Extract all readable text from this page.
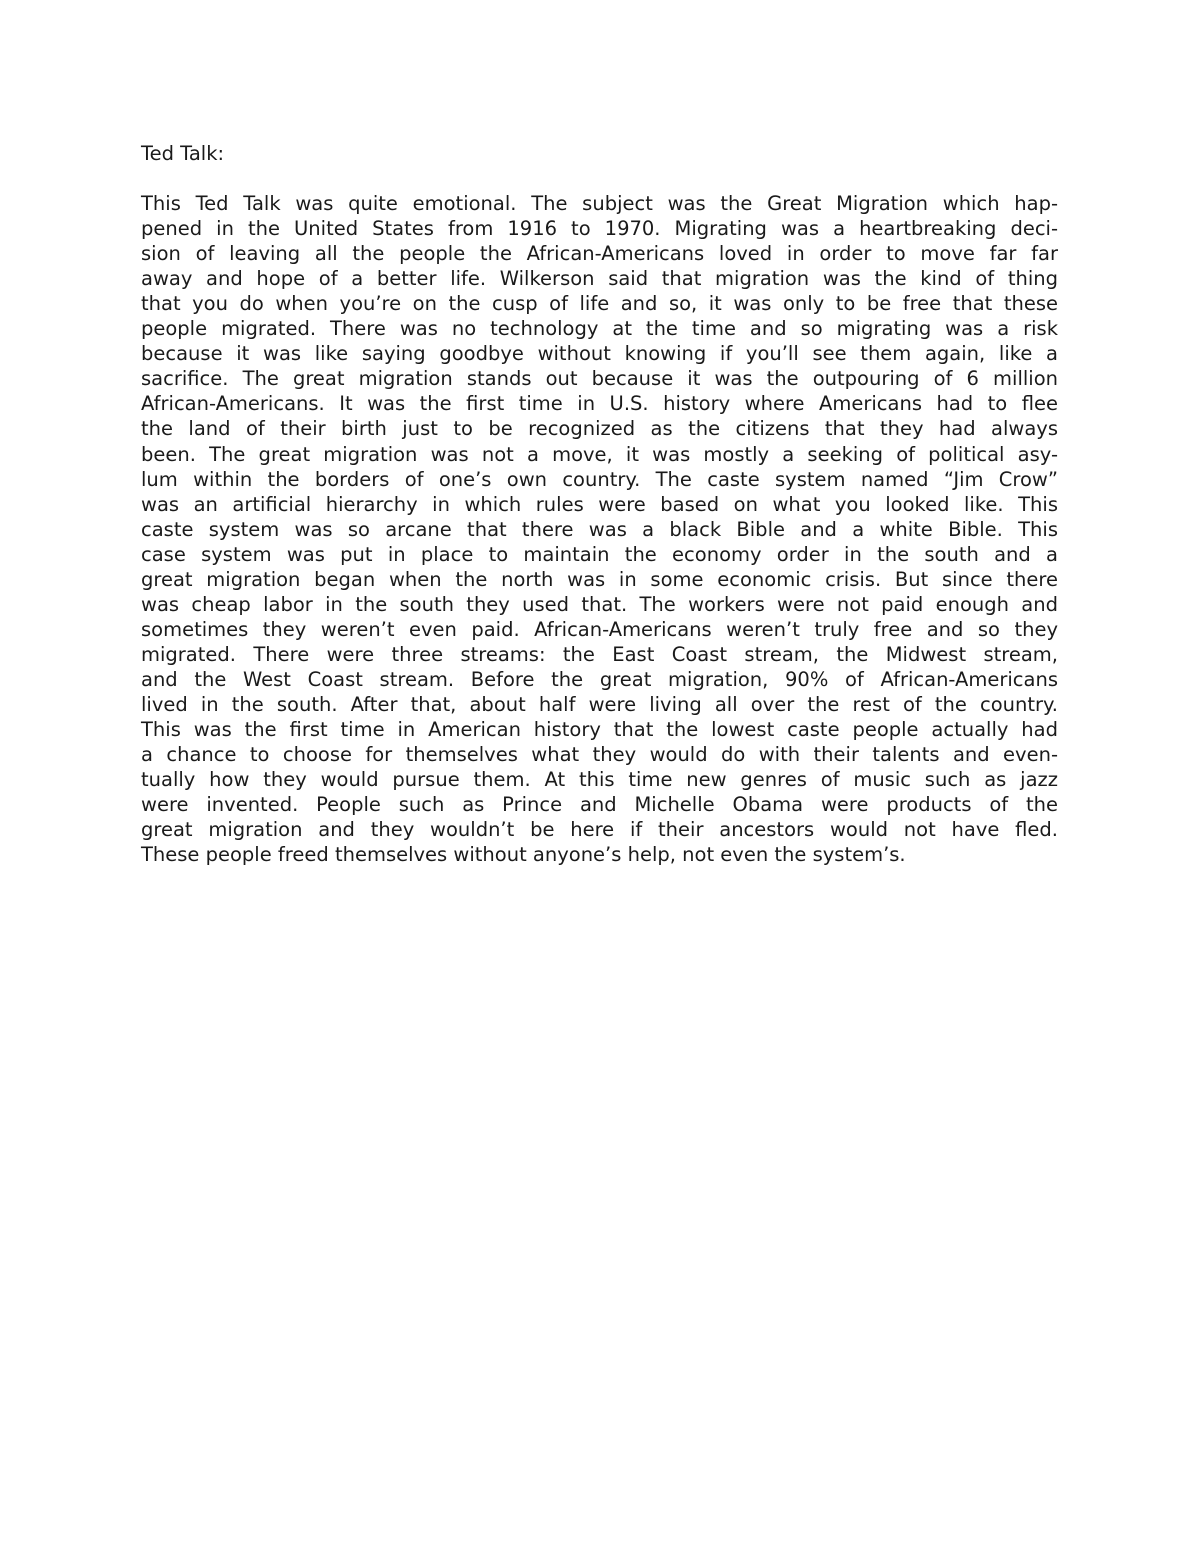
Ted Talk:
This Ted Talk was quite emotional. The subject was the Great Migration which hap-
pened in the United States from 1916 to 1970. Migrating was a heartbreaking deci-
sion of leaving all the people the African-Americans loved in order to move far far
away and hope of a better life. Wilkerson said that migration was the kind of thing
that you do when you’re on the cusp of life and so, it was only to be free that these
people migrated. There was no technology at the time and so migrating was a risk
because it was like saying goodbye without knowing if you’ll see them again, like a
sacrifice. The great migration stands out because it was the outpouring of 6 million
African-Americans. It was the first time in U.S. history where Americans had to flee
the land of their birth just to be recognized as the citizens that they had always
been. The great migration was not a move, it was mostly a seeking of political asy-
lum within the borders of one’s own country. The caste system named “Jim Crow”
was an artificial hierarchy in which rules were based on what you looked like. This
caste system was so arcane that there was a black Bible and a white Bible. This
case system was put in place to maintain the economy order in the south and a
great migration began when the north was in some economic crisis. But since there
was cheap labor in the south they used that. The workers were not paid enough and
sometimes they weren’t even paid. African-Americans weren’t truly free and so they
migrated. There were three streams: the East Coast stream, the Midwest stream,
and the West Coast stream. Before the great migration, 90% of African-Americans
lived in the south. After that, about half were living all over the rest of the country.
This was the first time in American history that the lowest caste people actually had
a chance to choose for themselves what they would do with their talents and even-
tually how they would pursue them. At this time new genres of music such as jazz
were invented. People such as Prince and Michelle Obama were products of the
great migration and they wouldn’t be here if their ancestors would not have fled.
These people freed themselves without anyone’s help, not even the system’s.
